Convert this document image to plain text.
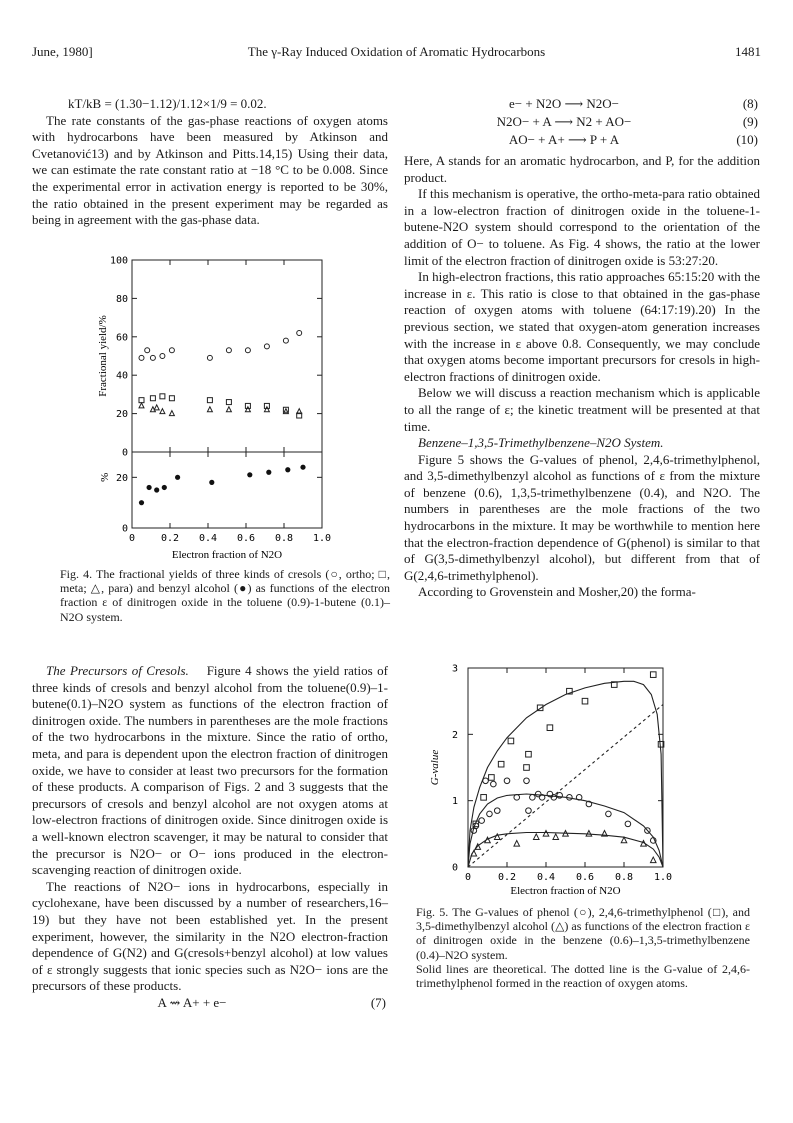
June, 1980]	The γ-Ray Induced Oxidation of Aromatic Hydrocarbons	1481

kT/kB = (1.30−1.12)/1.12×1/9 = 0.02.

The rate constants of the gas-phase reactions of oxygen atoms with hydrocarbons have been measured by Atkinson and Cvetanović13) and by Atkinson and Pitts.14,15) Using their data, we can estimate the rate constant ratio at −18 °C to be 0.008. Since the experimental error in activation energy is reported to be 30%, the ratio obtained in the present experiment may be regarded as being in agreement with the gas-phase data.

0	0.2 0.4 0.6 0.8 1.0
0
20
40
60
80
100
0
20
Electron fraction of N2O
Fractional yield/%
%

Fig. 4. The fractional yields of three kinds of cresols (○, ortho; □, meta; △, para) and benzyl alcohol (●) as functions of the electron fraction ε of dinitrogen oxide in the toluene (0.9)-1-butene (0.1)–N2O system.

The Precursors of Cresols. Figure 4 shows the yield ratios of three kinds of cresols and benzyl alcohol from the toluene(0.9)–1-butene(0.1)–N2O system as functions of the electron fraction of dinitrogen oxide. The numbers in parentheses are the mole fractions of the two hydrocarbons in the mixture. Since the ratio of ortho, meta, and para is dependent upon the electron fraction of dinitrogen oxide, we have to consider at least two precursors for the formation of these products. A comparison of Figs. 2 and 3 suggests that the precursors of cresols and benzyl alcohol are not oxygen atoms at low-electron fractions of dinitrogen oxide. Since dinitrogen oxide is a well-known electron scavenger, it may be natural to consider that the precursor is N2O− or O− ions produced in the electron-scavenging reaction of dinitrogen oxide.

The reactions of N2O− ions in hydrocarbons, especially in cyclohexane, have been discussed by a number of researchers,16–19) but they have not been established yet. In the present experiment, however, the similarity in the N2O electron-fraction dependence of G(N2) and G(cresols+benzyl alcohol) at low values of ε strongly suggests that ionic species such as N2O− ions are the precursors of these products.

A ⇝ A+ + e−	(7)
e− + N2O ⟶ N2O−	(8)
N2O− + A ⟶ N2 + AO−	(9)
AO− + A+ ⟶ P + A	(10)

Here, A stands for an aromatic hydrocarbon, and P, for the addition product.

If this mechanism is operative, the ortho-meta-para ratio obtained in a low-electron fraction of dinitrogen oxide in the toluene-1-butene-N2O system should correspond to the orientation of the addition of O− to toluene. As Fig. 4 shows, the ratio at the lower limit of the electron fraction of dinitrogen oxide is 53:27:20.

In high-electron fractions, this ratio approaches 65:15:20 with the increase in ε. This ratio is close to that obtained in the gas-phase reaction of oxygen atoms with toluene (64:17:19).20) In the previous section, we stated that oxygen-atom generation increases with the increase in ε above 0.8. Consequently, we may conclude that oxygen atoms become important precursors for cresols in high-electron fractions of dinitrogen oxide.

Below we will discuss a reaction mechanism which is applicable to all the range of ε; the kinetic treatment will be presented at that time.

Benzene–1,3,5-Trimethylbenzene–N2O System.

Figure 5 shows the G-values of phenol, 2,4,6-trimethylphenol, and 3,5-dimethylbenzyl alcohol as functions of ε from the mixture of benzene (0.6), 1,3,5-trimethylbenzene (0.4), and N2O. The numbers in parentheses are the mole fractions of the two hydrocarbons in the mixture. It may be worthwhile to mention here that the electron-fraction dependence of G(phenol) is similar to that of G(3,5-dimethylbenzyl alcohol), but different from that of G(2,4,6-trimethylphenol).

According to Grovenstein and Mosher,20) the forma-

0	0.2 0.4 0.6 0.8 1.0
0
1
2
3
Electron fraction of N2O
G-value

Fig. 5. The G-values of phenol (○), 2,4,6-trimethylphenol (□), and 3,5-dimethylbenzyl alcohol (△) as functions of the electron fraction ε of dinitrogen oxide in the benzene (0.6)–1,3,5-trimethylbenzene (0.4)–N2O system.

Solid lines are theoretical. The dotted line is the G-value of 2,4,6-trimethylphenol formed in the reaction of oxygen atoms.
